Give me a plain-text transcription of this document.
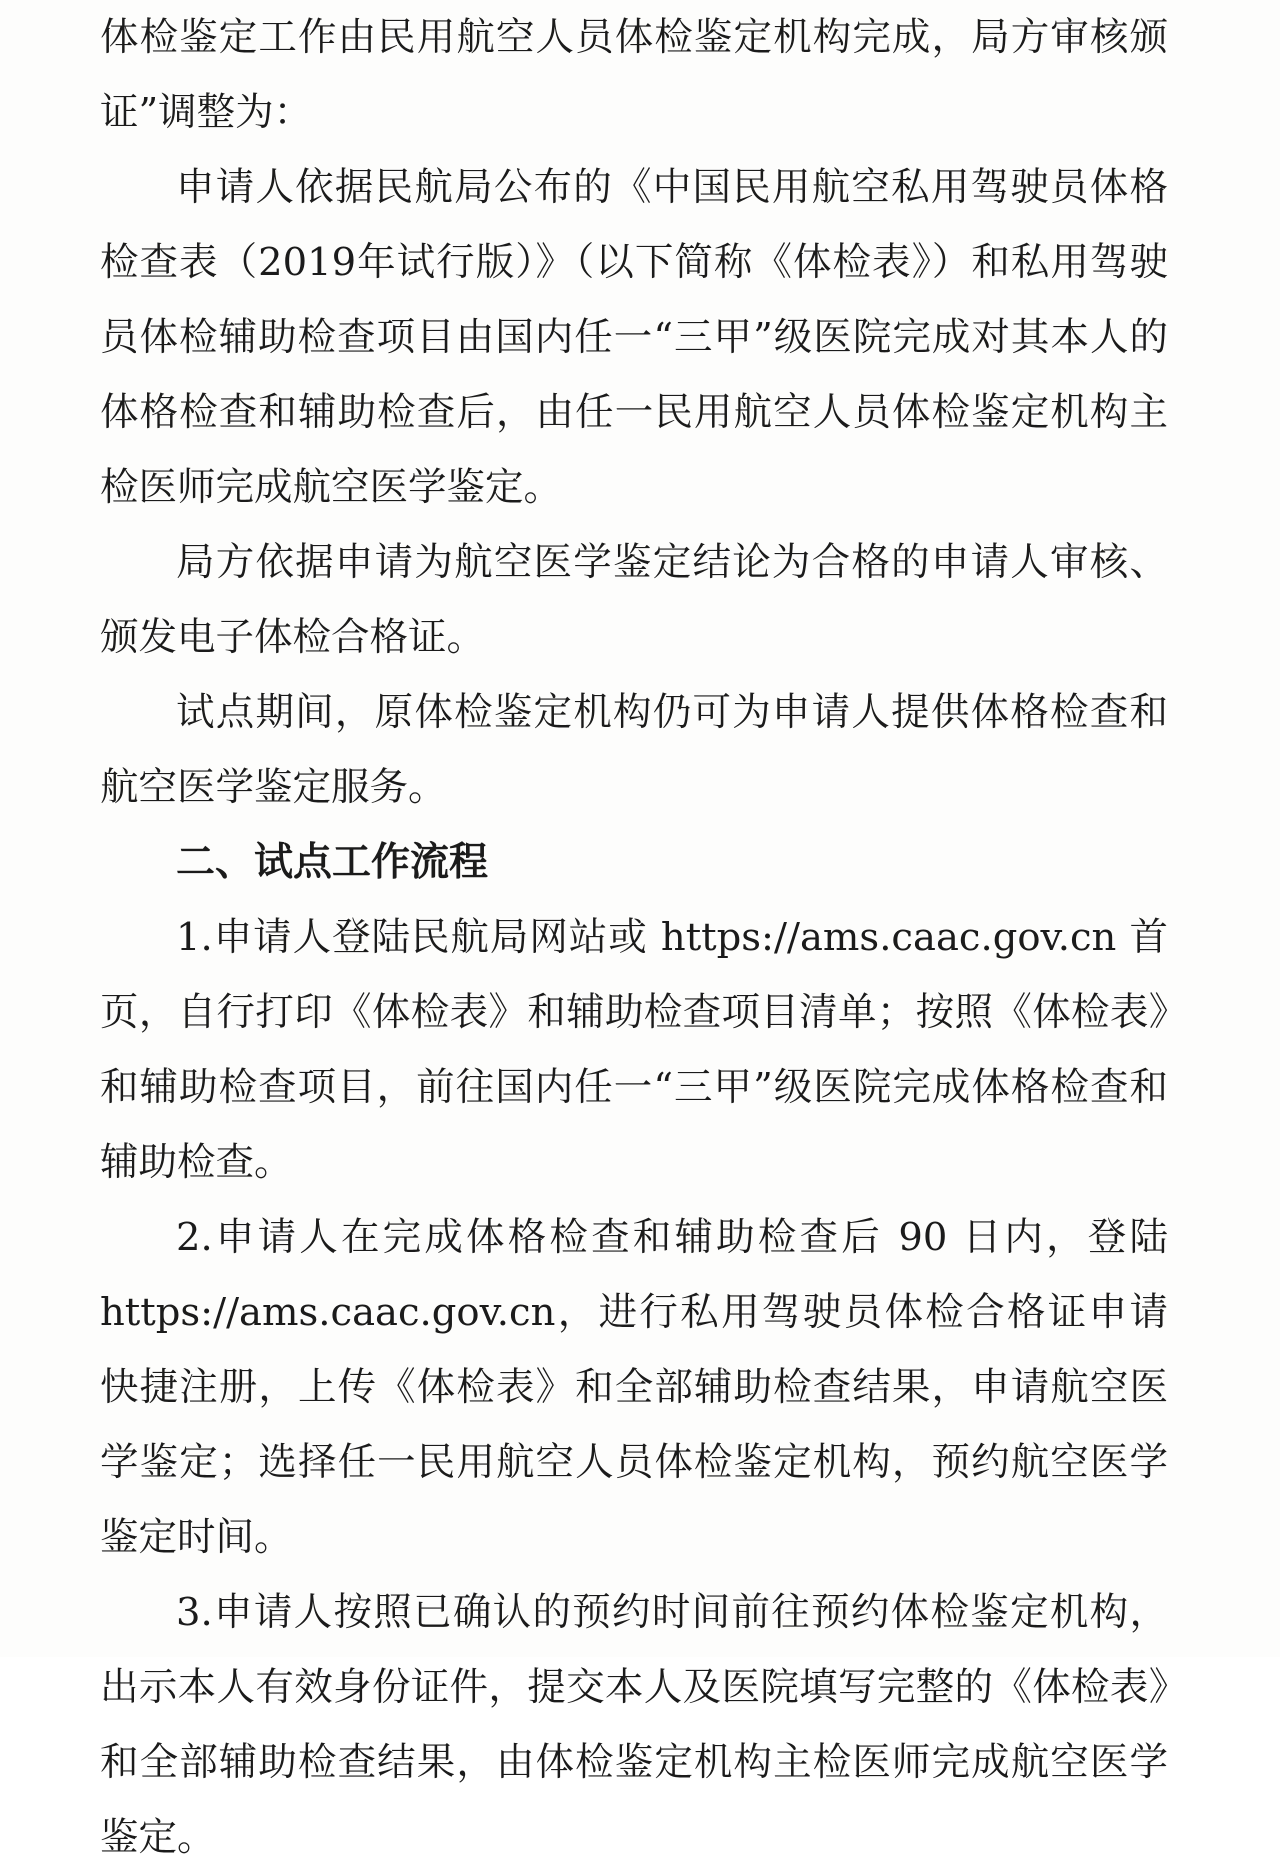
体检鉴定工作由民用航空人员体检鉴定机构完成，局方审核颁证”调整为：

申请人依据民航局公布的《中国民用航空私用驾驶员体格检查表（2019年试行版）》（以下简称《体检表》）和私用驾驶员体检辅助检查项目由国内任一“三甲”级医院完成对其本人的体格检查和辅助检查后，由任一民用航空人员体检鉴定机构主检医师完成航空医学鉴定。

局方依据申请为航空医学鉴定结论为合格的申请人审核、颁发电子体检合格证。

试点期间，原体检鉴定机构仍可为申请人提供体格检查和航空医学鉴定服务。

二、试点工作流程

1.申请人登陆民航局网站或 https://ams.caac.gov.cn 首页，自行打印《体检表》和辅助检查项目清单；按照《体检表》和辅助检查项目，前往国内任一“三甲”级医院完成体格检查和辅助检查。

2.申请人在完成体格检查和辅助检查后 90 日内，登陆 https://ams.caac.gov.cn，进行私用驾驶员体检合格证申请快捷注册，上传《体检表》和全部辅助检查结果，申请航空医学鉴定；选择任一民用航空人员体检鉴定机构，预约航空医学鉴定时间。

3.申请人按照已确认的预约时间前往预约体检鉴定机构，出示本人有效身份证件，提交本人及医院填写完整的《体检表》和全部辅助检查结果，由体检鉴定机构主检医师完成航空医学鉴定。
